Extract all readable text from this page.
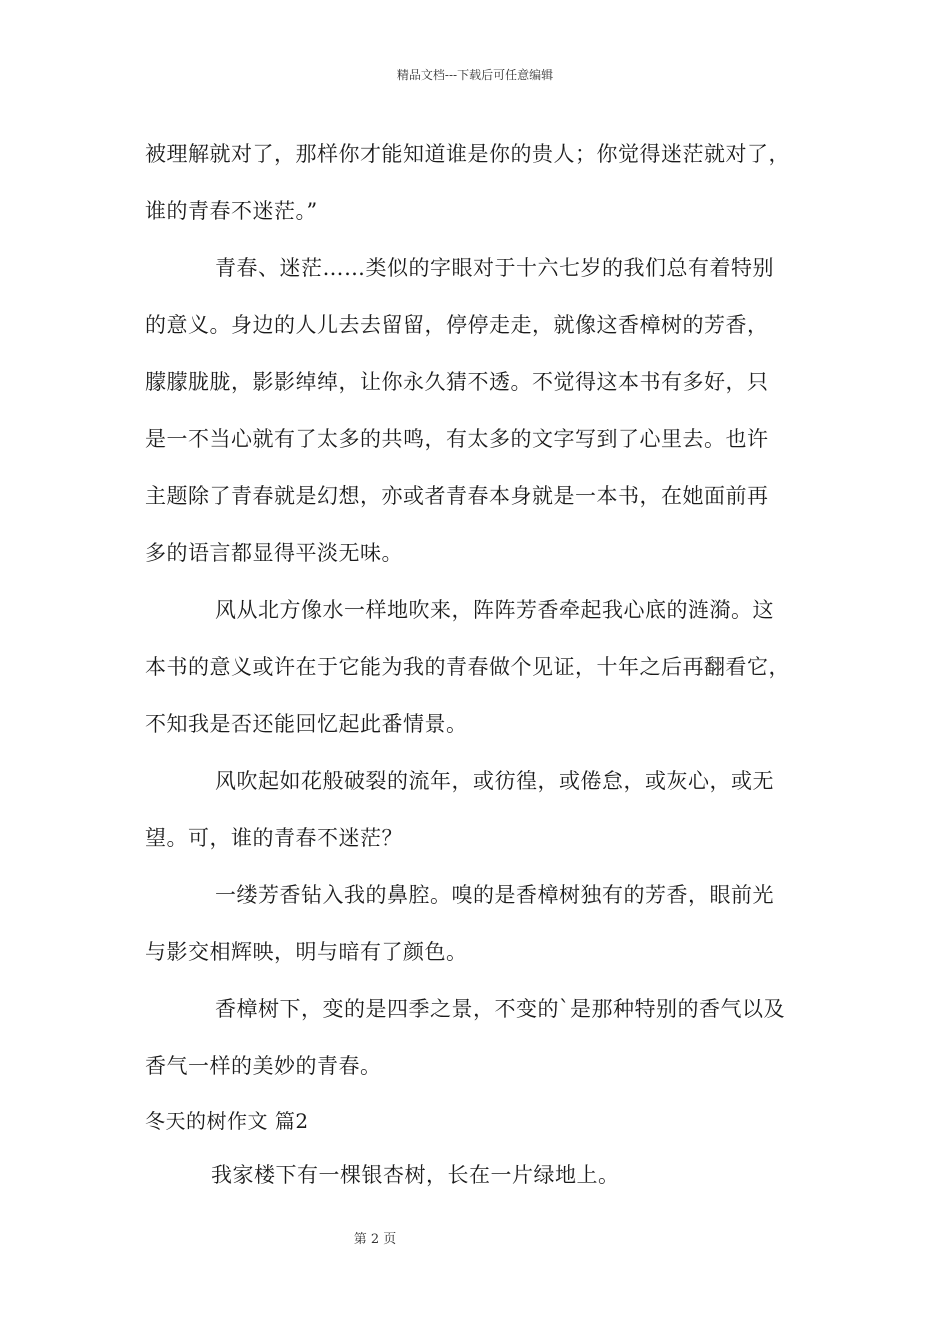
精品文档---下载后可任意编辑
被理解就对了，那样你才能知道谁是你的贵人；你觉得迷茫就对了，
谁的青春不迷茫。”
青春、迷茫……类似的字眼对于十六七岁的我们总有着特别
的意义。身边的人儿去去留留，停停走走，就像这香樟树的芳香，
朦朦胧胧，影影绰绰，让你永久猜不透。不觉得这本书有多好，只
是一不当心就有了太多的共鸣，有太多的文字写到了心里去。也许
主题除了青春就是幻想，亦或者青春本身就是一本书，在她面前再
多的语言都显得平淡无味。
风从北方像水一样地吹来，阵阵芳香牵起我心底的涟漪。这
本书的意义或许在于它能为我的青春做个见证，十年之后再翻看它，
不知我是否还能回忆起此番情景。
风吹起如花般破裂的流年，或彷徨，或倦怠，或灰心，或无
望。可，谁的青春不迷茫？
一缕芳香钻入我的鼻腔。嗅的是香樟树独有的芳香，眼前光
与影交相辉映，明与暗有了颜色。
香樟树下，变的是四季之景，不变的`是那种特别的香气以及
香气一样的美妙的青春。
冬天的树作文 篇2
我家楼下有一棵银杏树，长在一片绿地上。
第 2 页
